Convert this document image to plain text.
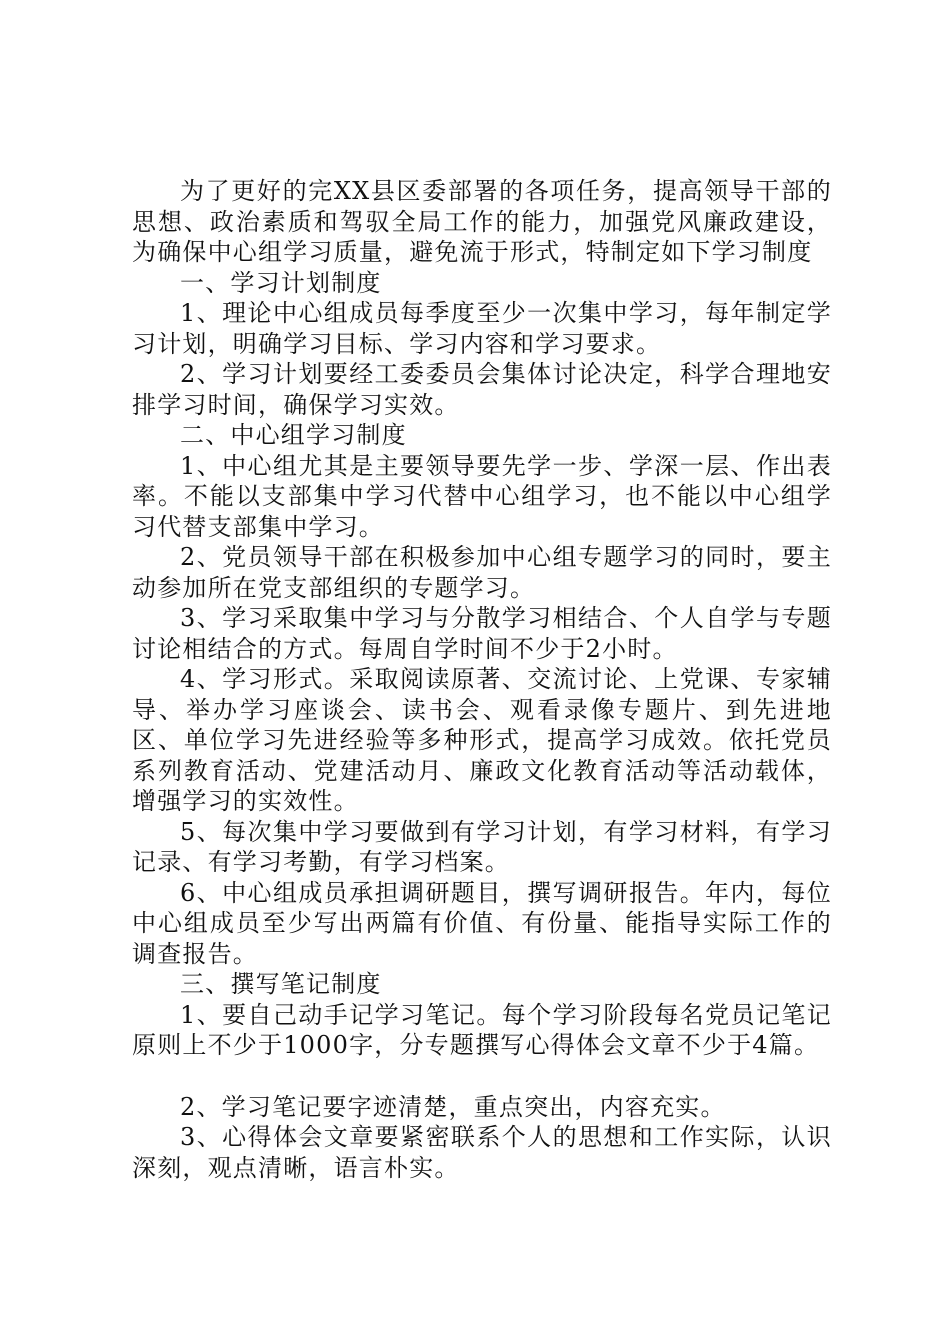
为了更好的完XX县区委部署的各项任务，提高领导干部的思想、政治素质和驾驭全局工作的能力，加强党风廉政建设，为确保中心组学习质量，避免流于形式，特制定如下学习制度

一、学习计划制度

1、理论中心组成员每季度至少一次集中学习，每年制定学习计划，明确学习目标、学习内容和学习要求。

2、学习计划要经工委委员会集体讨论决定，科学合理地安排学习时间，确保学习实效。

二、中心组学习制度

1、中心组尤其是主要领导要先学一步、学深一层、作出表率。不能以支部集中学习代替中心组学习，也不能以中心组学习代替支部集中学习。

2、党员领导干部在积极参加中心组专题学习的同时，要主动参加所在党支部组织的专题学习。

3、学习采取集中学习与分散学习相结合、个人自学与专题讨论相结合的方式。每周自学时间不少于2小时。

4、学习形式。采取阅读原著、交流讨论、上党课、专家辅导、举办学习座谈会、读书会、观看录像专题片、到先进地区、单位学习先进经验等多种形式，提高学习成效。依托党员系列教育活动、党建活动月、廉政文化教育活动等活动载体，增强学习的实效性。

5、每次集中学习要做到有学习计划，有学习材料，有学习记录、有学习考勤，有学习档案。

6、中心组成员承担调研题目，撰写调研报告。年内，每位中心组成员至少写出两篇有价值、有份量、能指导实际工作的调查报告。

三、撰写笔记制度

1、要自己动手记学习笔记。每个学习阶段每名党员记笔记原则上不少于1000字，分专题撰写心得体会文章不少于4篇。

2、学习笔记要字迹清楚，重点突出，内容充实。

3、心得体会文章要紧密联系个人的思想和工作实际，认识深刻，观点清晰，语言朴实。
